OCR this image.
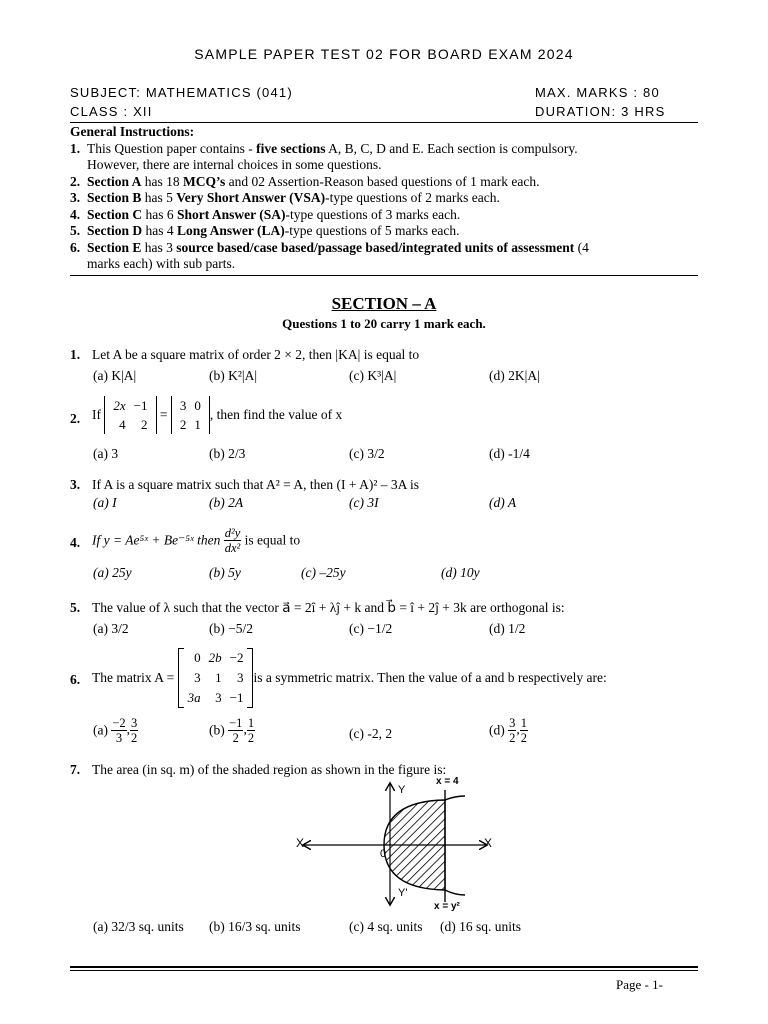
SAMPLE PAPER TEST 02 FOR BOARD EXAM 2024
SUBJECT: MATHEMATICS (041)	MAX. MARKS : 80
CLASS : XII	DURATION: 3 HRS
General Instructions:
1. This Question paper contains - five sections A, B, C, D and E. Each section is compulsory.
However, there are internal choices in some questions.
2. Section A has 18 MCQ’s and 02 Assertion-Reason based questions of 1 mark each.
3. Section B has 5 Very Short Answer (VSA)-type questions of 2 marks each.
4. Section C has 6 Short Answer (SA)-type questions of 3 marks each.
5. Section D has 4 Long Answer (LA)-type questions of 5 marks each.
6. Section E has 3 source based/case based/passage based/integrated units of assessment (4
marks each) with sub parts.
SECTION – A
Questions 1 to 20 carry 1 mark each.
1. Let A be a square matrix of order 2 × 2, then |KA| is equal to
(a) K|A|	(b) K²|A|	(c) K³|A|	(d) 2K|A|
2. If
2x	−1
4	2
=
3	0
2	1
, then find the value of x
(a) 3	(b) 2/3	(c) 3/2	(d) -1/4
3. If A is a square matrix such that A² = A, then (I + A)² – 3A is
(a) I	(b) 2A	(c) 3I	(d) A
4. If y = Ae⁵ˣ + Be⁻⁵ˣ then $\frac{\text{d²y}}{\text{dx²}}$ is equal to
(a) 25y	(b) 5y	(c) –25y	(d) 10y
5. The value of λ such that the vector a⃗ = 2î + λĵ + k and b⃗ = î + 2ĵ + 3k are orthogonal is:
(a) 3/2	(b) −5/2	(c) −1/2	(d) 1/2
6. The matrix A =
0	2b	−2
3	1	3
3a	3	−1
is a symmetric matrix. Then the value of a and b respectively are:
$(a) \frac{-2}{3}$ , $\frac{3}{2}$	$(b) \frac{-1}{2}$ , $\frac{1}{2}$	(c) -2, 2	$(d) \frac{3}{2}$ , $\frac{1}{2}$
7. The area (in sq. m) of the shaded region as shown in the figure is:
X	X
0
Y
Y'
x = 4
x = y²
(a) 32/3 sq. units (b) 16/3 sq. units	(c) 4 sq. units (d) 16 sq. units
Page - 1-
